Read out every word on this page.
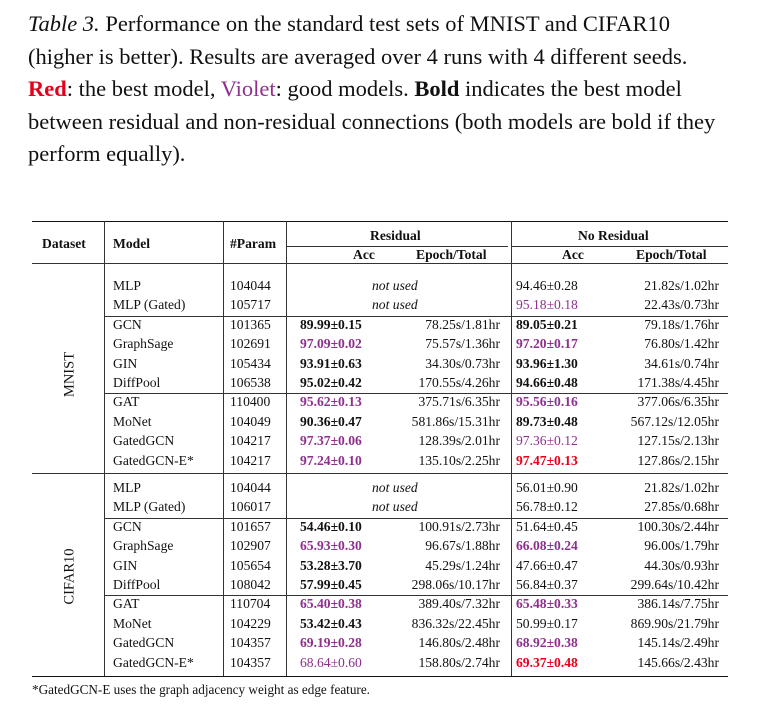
Table 3. Performance on the standard test sets of MNIST and CIFAR10 (higher is better). Results are averaged over 4 runs with 4 different seeds. Red: the best model, Violet: good models. Bold indicates the best model between residual and non-residual connections (both models are bold if they perform equally).

Dataset Model	#Param
Residual	No Residual
Acc	Epoch/Total	Acc	Epoch/Total
MLP	104044	not used	94.46±0.28	21.82s/1.02hr
MLP (Gated)	105717	not used	95.18±0.18	22.43s/0.73hr
GCN	101365 89.99±0.15	78.25s/1.81hr 89.05±0.21	79.18s/1.76hr
GraphSage	102691 97.09±0.02	75.57s/1.36hr 97.20±0.17	76.80s/1.42hr
GIN	105434 93.91±0.63	34.30s/0.73hr 93.96±1.30	34.61s/0.74hr
DiffPool	106538 95.02±0.42	170.55s/4.26hr 94.66±0.48	171.38s/4.45hr
GAT	110400 95.62±0.13	375.71s/6.35hr 95.56±0.16	377.06s/6.35hr
MoNet	104049 90.36±0.47	581.86s/15.31hr 89.73±0.48	567.12s/12.05hr
GatedGCN	104217 97.37±0.06	128.39s/2.01hr 97.36±0.12	127.15s/2.13hr
GatedGCN-E*	104217 97.24±0.10	135.10s/2.25hr 97.47±0.13	127.86s/2.15hr
MLP	104044	not used	56.01±0.90	21.82s/1.02hr
MLP (Gated)	106017	not used	56.78±0.12	27.85s/0.68hr
GCN	101657 54.46±0.10	100.91s/2.73hr 51.64±0.45	100.30s/2.44hr
GraphSage	102907 65.93±0.30	96.67s/1.88hr 66.08±0.24	96.00s/1.79hr
GIN	105654 53.28±3.70	45.29s/1.24hr 47.66±0.47	44.30s/0.93hr
DiffPool	108042 57.99±0.45	298.06s/10.17hr 56.84±0.37	299.64s/10.42hr
GAT	110704 65.40±0.38	389.40s/7.32hr 65.48±0.33	386.14s/7.75hr
MoNet	104229 53.42±0.43	836.32s/22.45hr 50.99±0.17	869.90s/21.79hr
GatedGCN	104357 69.19±0.28	146.80s/2.48hr 68.92±0.38	145.14s/2.49hr
GatedGCN-E*	104357 68.64±0.60	158.80s/2.74hr 69.37±0.48	145.66s/2.43hr
MNIST
CIFAR10
*GatedGCN-E uses the graph adjacency weight as edge feature.
